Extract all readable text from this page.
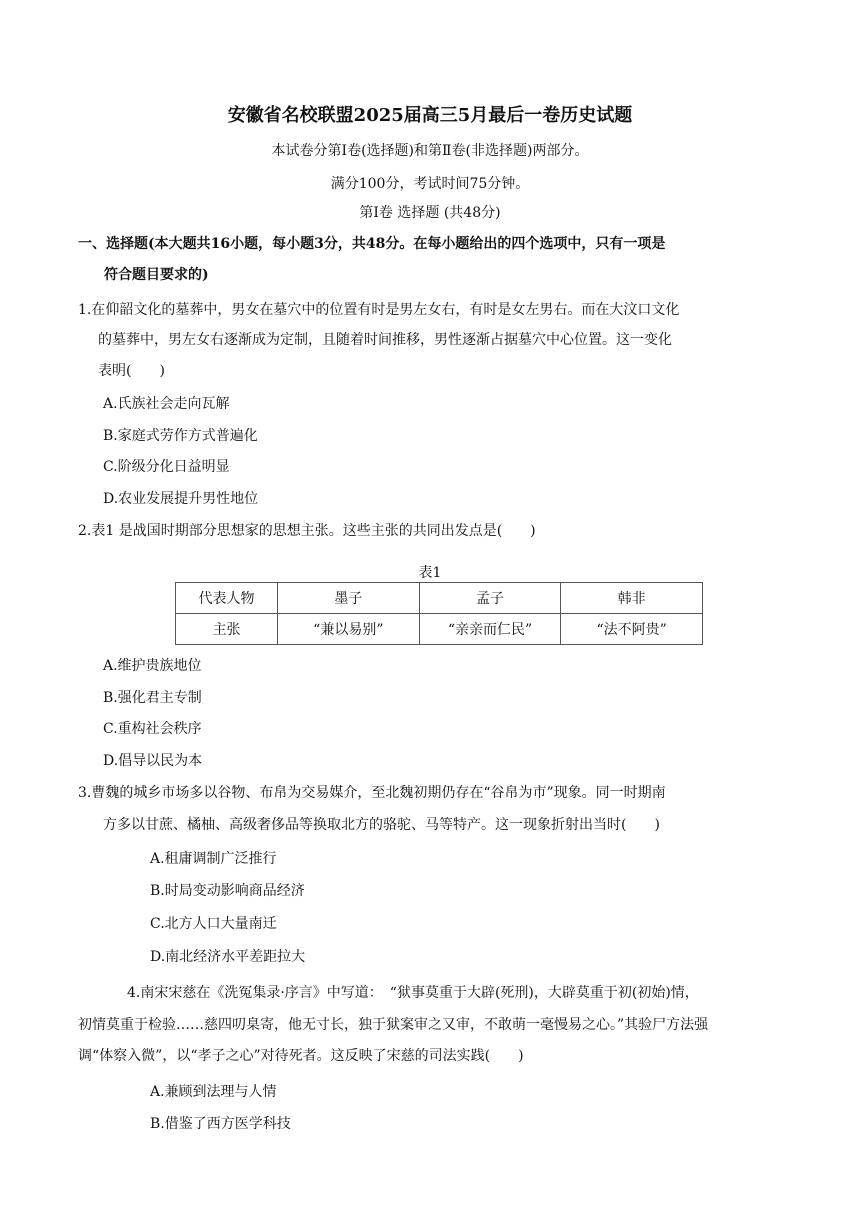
安徽省名校联盟2025届高三5月最后一卷历史试题
本试卷分第Ⅰ卷(选择题)和第Ⅱ卷(非选择题)两部分。
满分100分，考试时间75分钟。
第Ⅰ卷 选择题 (共48分)
一、选择题(本大题共16小题，每小题3分，共48分。在每小题给出的四个选项中，只有一项是
符合题目要求的)
1.在仰韶文化的墓葬中，男女在墓穴中的位置有时是男左女右，有时是女左男右。而在大汶口文化
的墓葬中，男左女右逐渐成为定制，且随着时间推移，男性逐渐占据墓穴中心位置。这一变化
表明(　　)
A.氏族社会走向瓦解
B.家庭式劳作方式普遍化
C.阶级分化日益明显
D.农业发展提升男性地位
2.表1 是战国时期部分思想家的思想主张。这些主张的共同出发点是(　　)
表1
代表人物	墨子	孟子	韩非
主张	“兼以易别”	“亲亲而仁民”	“法不阿贵”
A.维护贵族地位
B.强化君主专制
C.重构社会秩序
D.倡导以民为本
3.曹魏的城乡市场多以谷物、布帛为交易媒介，至北魏初期仍存在“谷帛为市”现象。同一时期南
方多以甘蔗、橘柚、高级奢侈品等换取北方的骆驼、马等特产。这一现象折射出当时(　　)
A.租庸调制广泛推行
B.时局变动影响商品经济
C.北方人口大量南迁
D.南北经济水平差距拉大
4.南宋宋慈在《洗冤集录·序言》中写道：　“狱事莫重于大辟(死刑)，大辟莫重于初(初始)情，
初情莫重于检验……慈四叨臬寄，他无寸长，独于狱案审之又审，不敢萌一毫慢易之心。”其验尸方法强
调“体察入微”，以“孝子之心”对待死者。这反映了宋慈的司法实践(　　)
A.兼顾到法理与人情
B.借鉴了西方医学科技
